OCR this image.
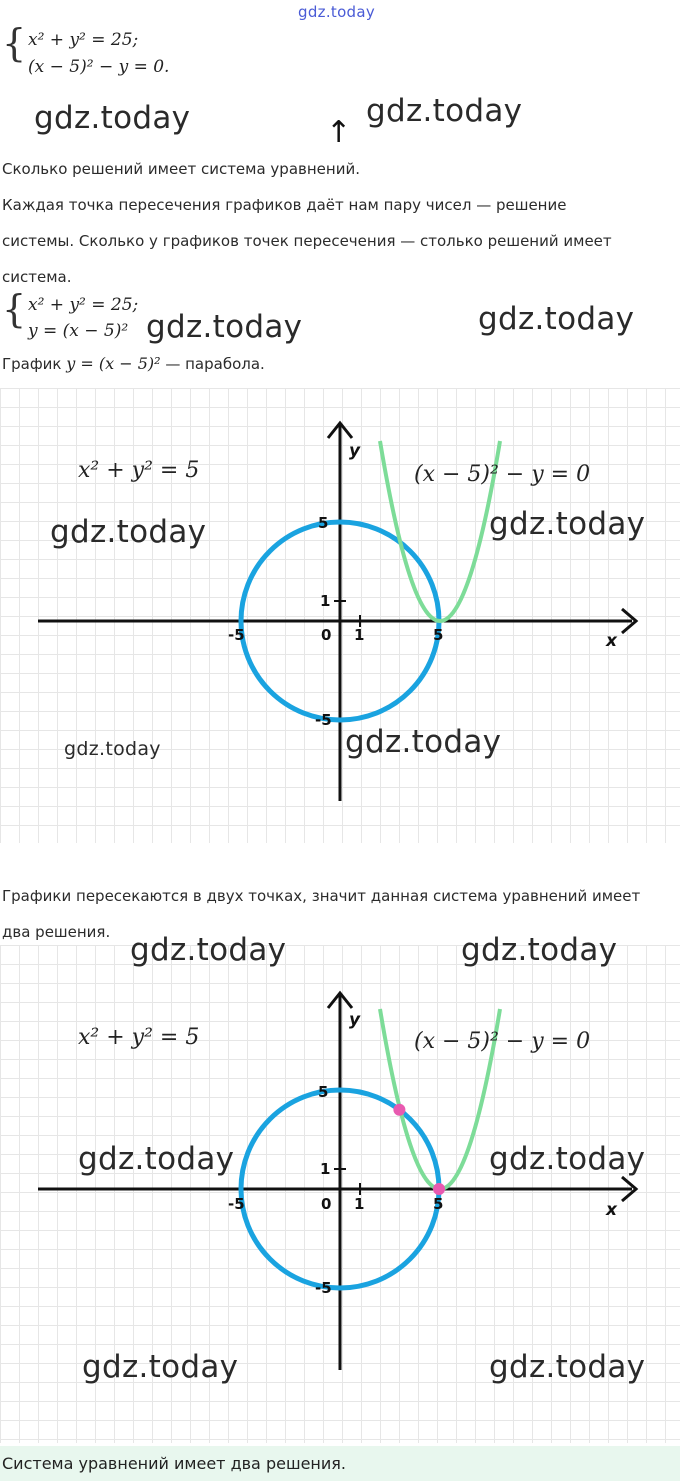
gdz.today
{ x² + y² = 25;
(x − 5)² − y = 0.
gdz.today	gdz.today
↑
Сколько решений имеет система уравнений.
Каждая точка пересечения графиков даёт нам пару чисел — решение
системы. Сколько у графиков точек пересечения — столько решений имеет
система.
{ x² + y² = 25;
y = (x − 5)² gdz.today	gdz.today
График y = (x − 5)² — парабола.
5
1
-5	0 1	5
-5
x
y
x² + y² = 5	(x − 5)² − y = 0
gdz.today	gdz.today
gdz.today	gdz.today
Графики пересекаются в двух точках, значит данная система уравнений имеет
два решения.
5
1
-5	0 1	5
-5
x
y
x² + y² = 5	(x − 5)² − y = 0
gdz.today	gdz.today
gdz.today	gdz.today
gdz.today	gdz.today
Система уравнений имеет два решения.
